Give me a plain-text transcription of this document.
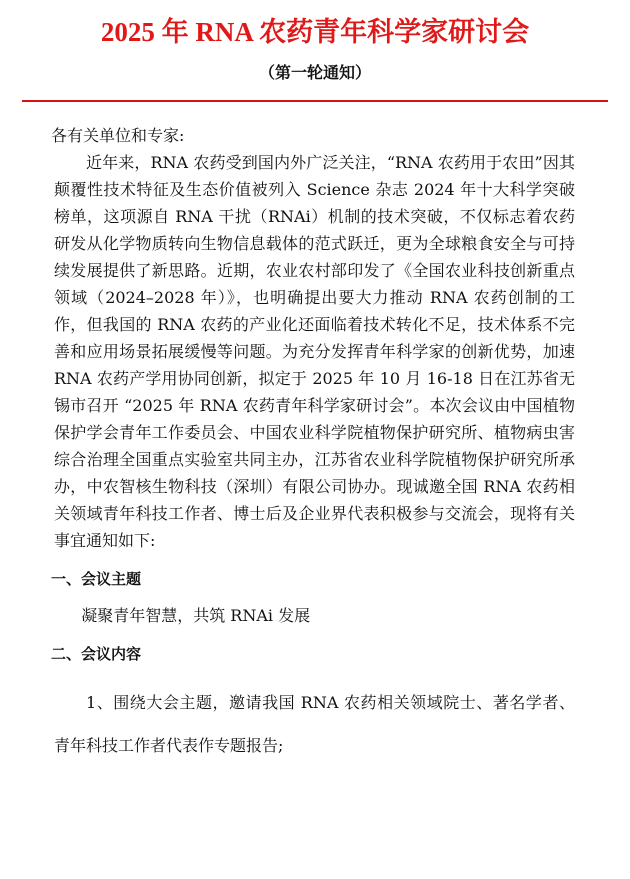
2025 年 RNA 农药青年科学家研讨会
（第一轮通知）

各有关单位和专家:

近年来，RNA 农药受到国内外广泛关注，“RNA 农药用于农田”因其颠覆性技术特征及生态价值被列入 Science 杂志 2024 年十大科学突破榜单，这项源自 RNA 干扰（RNAi）机制的技术突破，不仅标志着农药研发从化学物质转向生物信息载体的范式跃迁，更为全球粮食安全与可持续发展提供了新思路。近期，农业农村部印发了《全国农业科技创新重点领域（2024–2028 年）》，也明确提出要大力推动 RNA 农药创制的工作，但我国的 RNA 农药的产业化还面临着技术转化不足，技术体系不完善和应用场景拓展缓慢等问题。为充分发挥青年科学家的创新优势，加速 RNA 农药产学用协同创新，拟定于 2025 年 10 月 16-18 日在江苏省无锡市召开 “2025 年 RNA 农药青年科学家研讨会”。本次会议由中国植物保护学会青年工作委员会、中国农业科学院植物保护研究所、植物病虫害综合治理全国重点实验室共同主办，江苏省农业科学院植物保护研究所承办，中农智核生物科技（深圳）有限公司协办。现诚邀全国 RNA 农药相关领域青年科技工作者、博士后及企业界代表积极参与交流会，现将有关事宜通知如下:

一、会议主题

凝聚青年智慧，共筑 RNAi 发展

二、会议内容

1、围绕大会主题，邀请我国 RNA 农药相关领域院士、著名学者、青年科技工作者代表作专题报告;
